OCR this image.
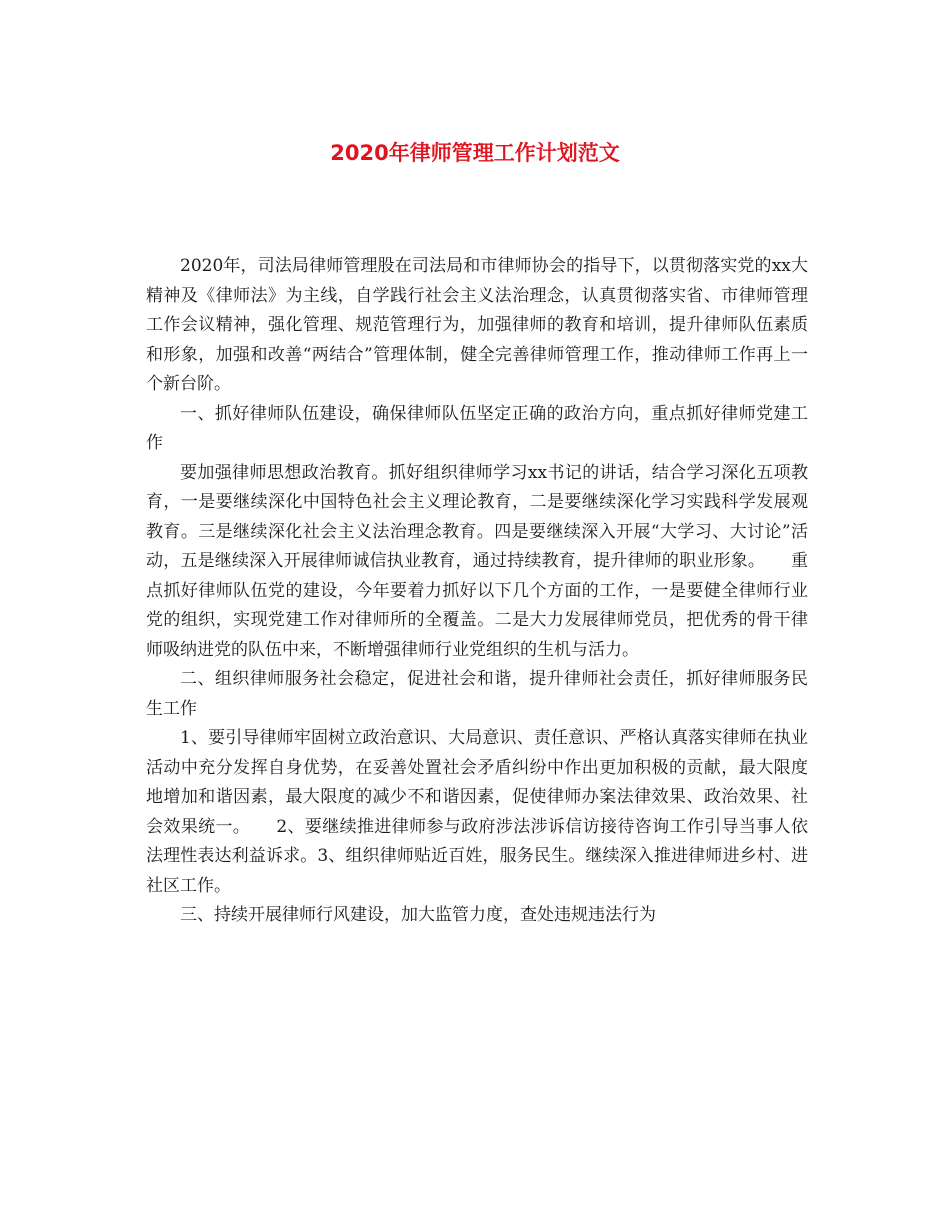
2020年律师管理工作计划范文

2020年，司法局律师管理股在司法局和市律师协会的指导下，以贯彻落实党的xx大精神及《律师法》为主线，自学践行社会主义法治理念，认真贯彻落实省、市律师管理工作会议精神，强化管理、规范管理行为，加强律师的教育和培训，提升律师队伍素质和形象，加强和改善“两结合”管理体制，健全完善律师管理工作，推动律师工作再上一个新台阶。

一、抓好律师队伍建设，确保律师队伍坚定正确的政治方向，重点抓好律师党建工作

要加强律师思想政治教育。抓好组织律师学习xx书记的讲话，结合学习深化五项教育，一是要继续深化中国特色社会主义理论教育，二是要继续深化学习实践科学发展观教育。三是继续深化社会主义法治理念教育。四是要继续深入开展“大学习、大讨论”活动，五是继续深入开展律师诚信执业教育，通过持续教育，提升律师的职业形象。　　重点抓好律师队伍党的建设，今年要着力抓好以下几个方面的工作，一是要健全律师行业党的组织，实现党建工作对律师所的全覆盖。二是大力发展律师党员，把优秀的骨干律师吸纳进党的队伍中来，不断增强律师行业党组织的生机与活力。

二、组织律师服务社会稳定，促进社会和谐，提升律师社会责任，抓好律师服务民生工作

1、要引导律师牢固树立政治意识、大局意识、责任意识、严格认真落实律师在执业活动中充分发挥自身优势，在妥善处置社会矛盾纠纷中作出更加积极的贡献，最大限度地增加和谐因素，最大限度的减少不和谐因素，促使律师办案法律效果、政治效果、社会效果统一。　　2、要继续推进律师参与政府涉法涉诉信访接待咨询工作引导当事人依法理性表达利益诉求。3、组织律师贴近百姓，服务民生。继续深入推进律师进乡村、进社区工作。

三、持续开展律师行风建设，加大监管力度，查处违规违法行为
